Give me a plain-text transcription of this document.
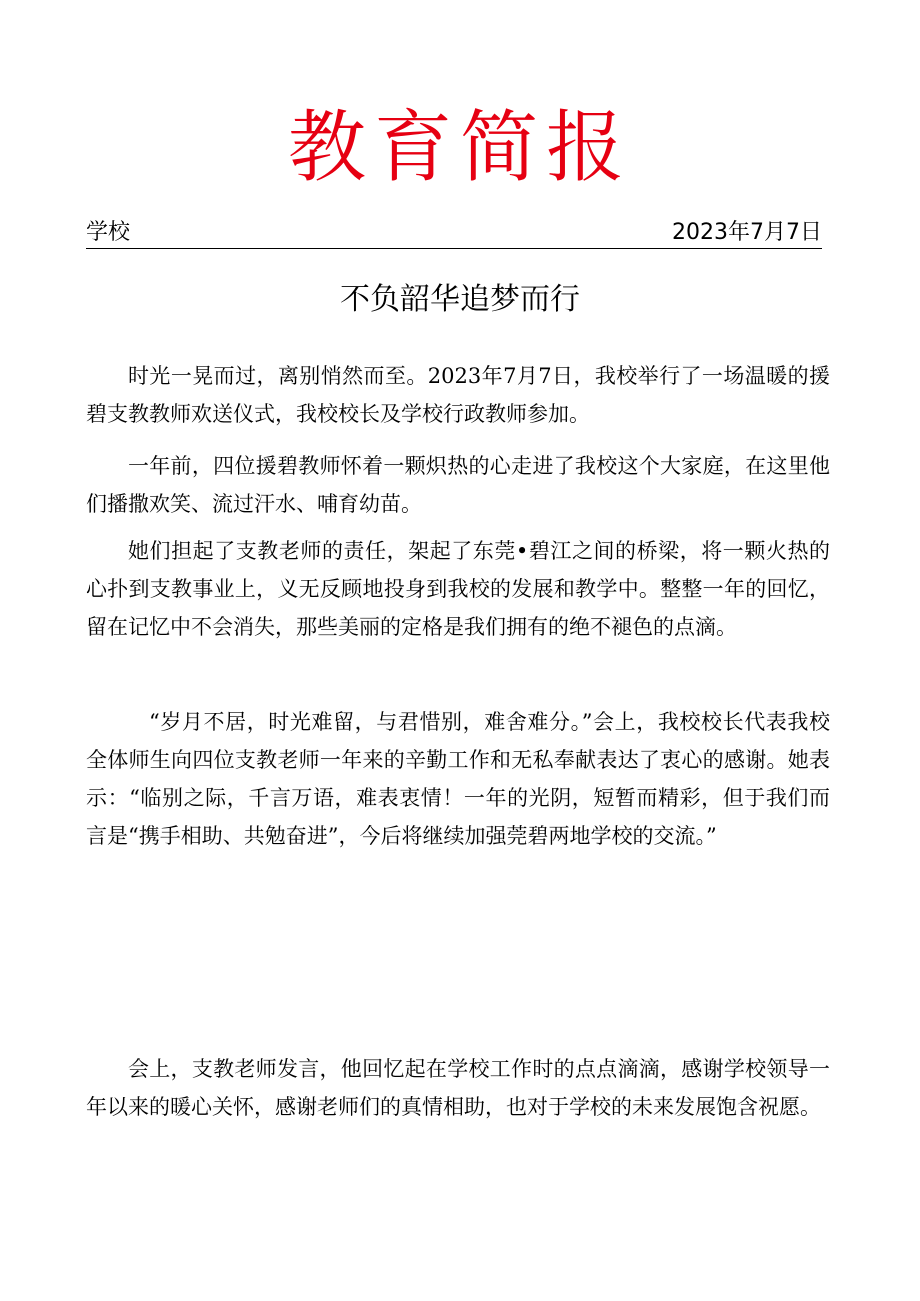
教育简报
学校	2023年7月7日
不负韶华追梦而行

时光一晃而过，离别悄然而至。2023年7月7日，我校举行了一场温暖的援碧支教教师欢送仪式，我校校长及学校行政教师参加。

一年前，四位援碧教师怀着一颗炽热的心走进了我校这个大家庭，在这里他们播撒欢笑、流过汗水、哺育幼苗。

她们担起了支教老师的责任，架起了东莞•碧江之间的桥梁，将一颗火热的心扑到支教事业上，义无反顾地投身到我校的发展和教学中。整整一年的回忆，留在记忆中不会消失，那些美丽的定格是我们拥有的绝不褪色的点滴。

“岁月不居，时光难留，与君惜别，难舍难分。”会上，我校校长代表我校全体师生向四位支教老师一年来的辛勤工作和无私奉献表达了衷心的感谢。她表示：“临别之际，千言万语，难表衷情！一年的光阴，短暂而精彩，但于我们而言是“携手相助、共勉奋进”，今后将继续加强莞碧两地学校的交流。”

会上，支教老师发言，他回忆起在学校工作时的点点滴滴，感谢学校领导一年以来的暖心关怀，感谢老师们的真情相助，也对于学校的未来发展饱含祝愿。
